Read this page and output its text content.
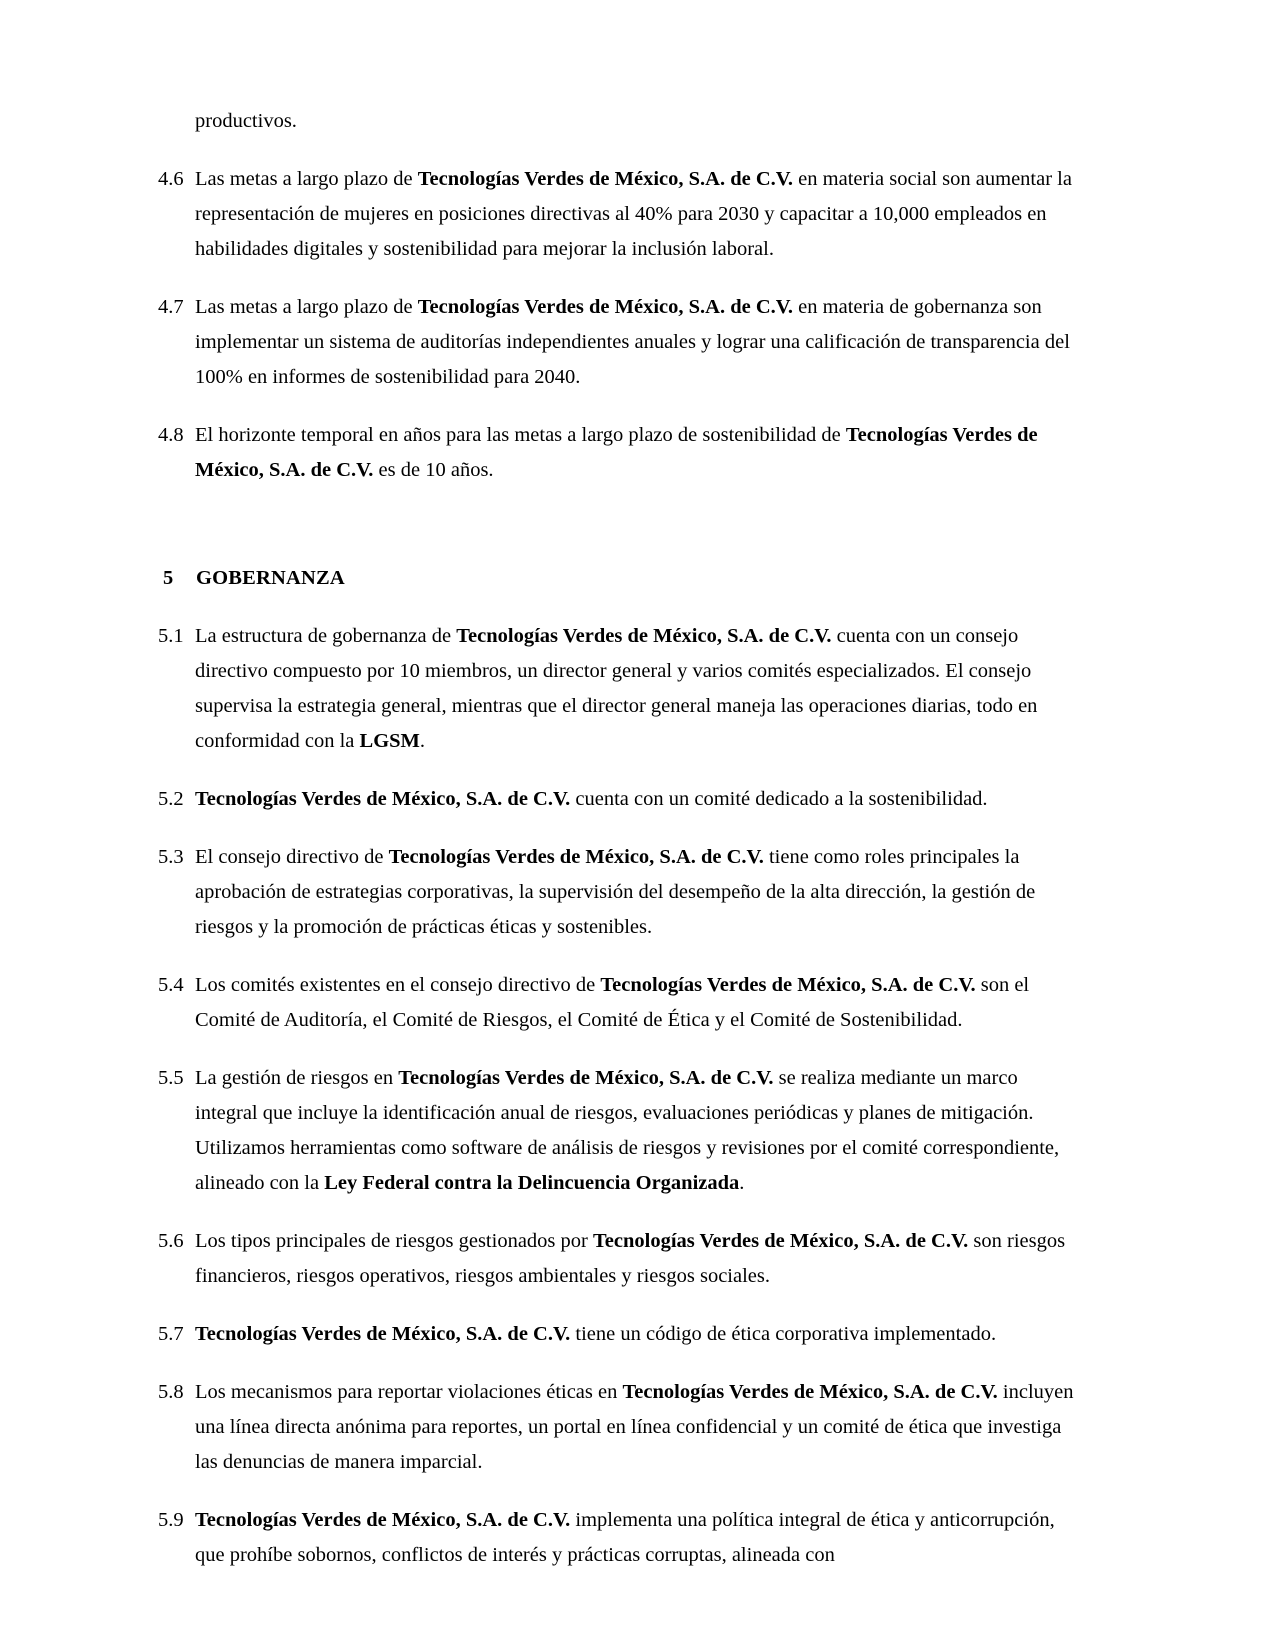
productivos.

4.6 Las metas a largo plazo de Tecnologías Verdes de México, S.A. de C.V. en materia social son aumentar la representación de mujeres en posiciones directivas al 40% para 2030 y capacitar a 10,000 empleados en habilidades digitales y sostenibilidad para mejorar la inclusión laboral.
4.7 Las metas a largo plazo de Tecnologías Verdes de México, S.A. de C.V. en materia de gobernanza son implementar un sistema de auditorías independientes anuales y lograr una calificación de transparencia del 100% en informes de sostenibilidad para 2040.
4.8 El horizonte temporal en años para las metas a largo plazo de sostenibilidad de Tecnologías Verdes de México, S.A. de C.V. es de 10 años.
5	GOBERNANZA
5.1 La estructura de gobernanza de Tecnologías Verdes de México, S.A. de C.V. cuenta con un consejo directivo compuesto por 10 miembros, un director general y varios comités especializados. El consejo supervisa la estrategia general, mientras que el director general maneja las operaciones diarias, todo en conformidad con la LGSM.
5.2 Tecnologías Verdes de México, S.A. de C.V. cuenta con un comité dedicado a la sostenibilidad.
5.3 El consejo directivo de Tecnologías Verdes de México, S.A. de C.V. tiene como roles principales la aprobación de estrategias corporativas, la supervisión del desempeño de la alta dirección, la gestión de riesgos y la promoción de prácticas éticas y sostenibles.
5.4 Los comités existentes en el consejo directivo de Tecnologías Verdes de México, S.A. de C.V. son el Comité de Auditoría, el Comité de Riesgos, el Comité de Ética y el Comité de Sostenibilidad.
5.5 La gestión de riesgos en Tecnologías Verdes de México, S.A. de C.V. se realiza mediante un marco integral que incluye la identificación anual de riesgos, evaluaciones periódicas y planes de mitigación. Utilizamos herramientas como software de análisis de riesgos y revisiones por el comité correspondiente, alineado con la Ley Federal contra la Delincuencia Organizada.
5.6 Los tipos principales de riesgos gestionados por Tecnologías Verdes de México, S.A. de C.V. son riesgos financieros, riesgos operativos, riesgos ambientales y riesgos sociales.
5.7 Tecnologías Verdes de México, S.A. de C.V. tiene un código de ética corporativa implementado.
5.8 Los mecanismos para reportar violaciones éticas en Tecnologías Verdes de México, S.A. de C.V. incluyen una línea directa anónima para reportes, un portal en línea confidencial y un comité de ética que investiga las denuncias de manera imparcial.
5.9 Tecnologías Verdes de México, S.A. de C.V. implementa una política integral de ética y anticorrupción, que prohíbe sobornos, conflictos de interés y prácticas corruptas, alineada con
